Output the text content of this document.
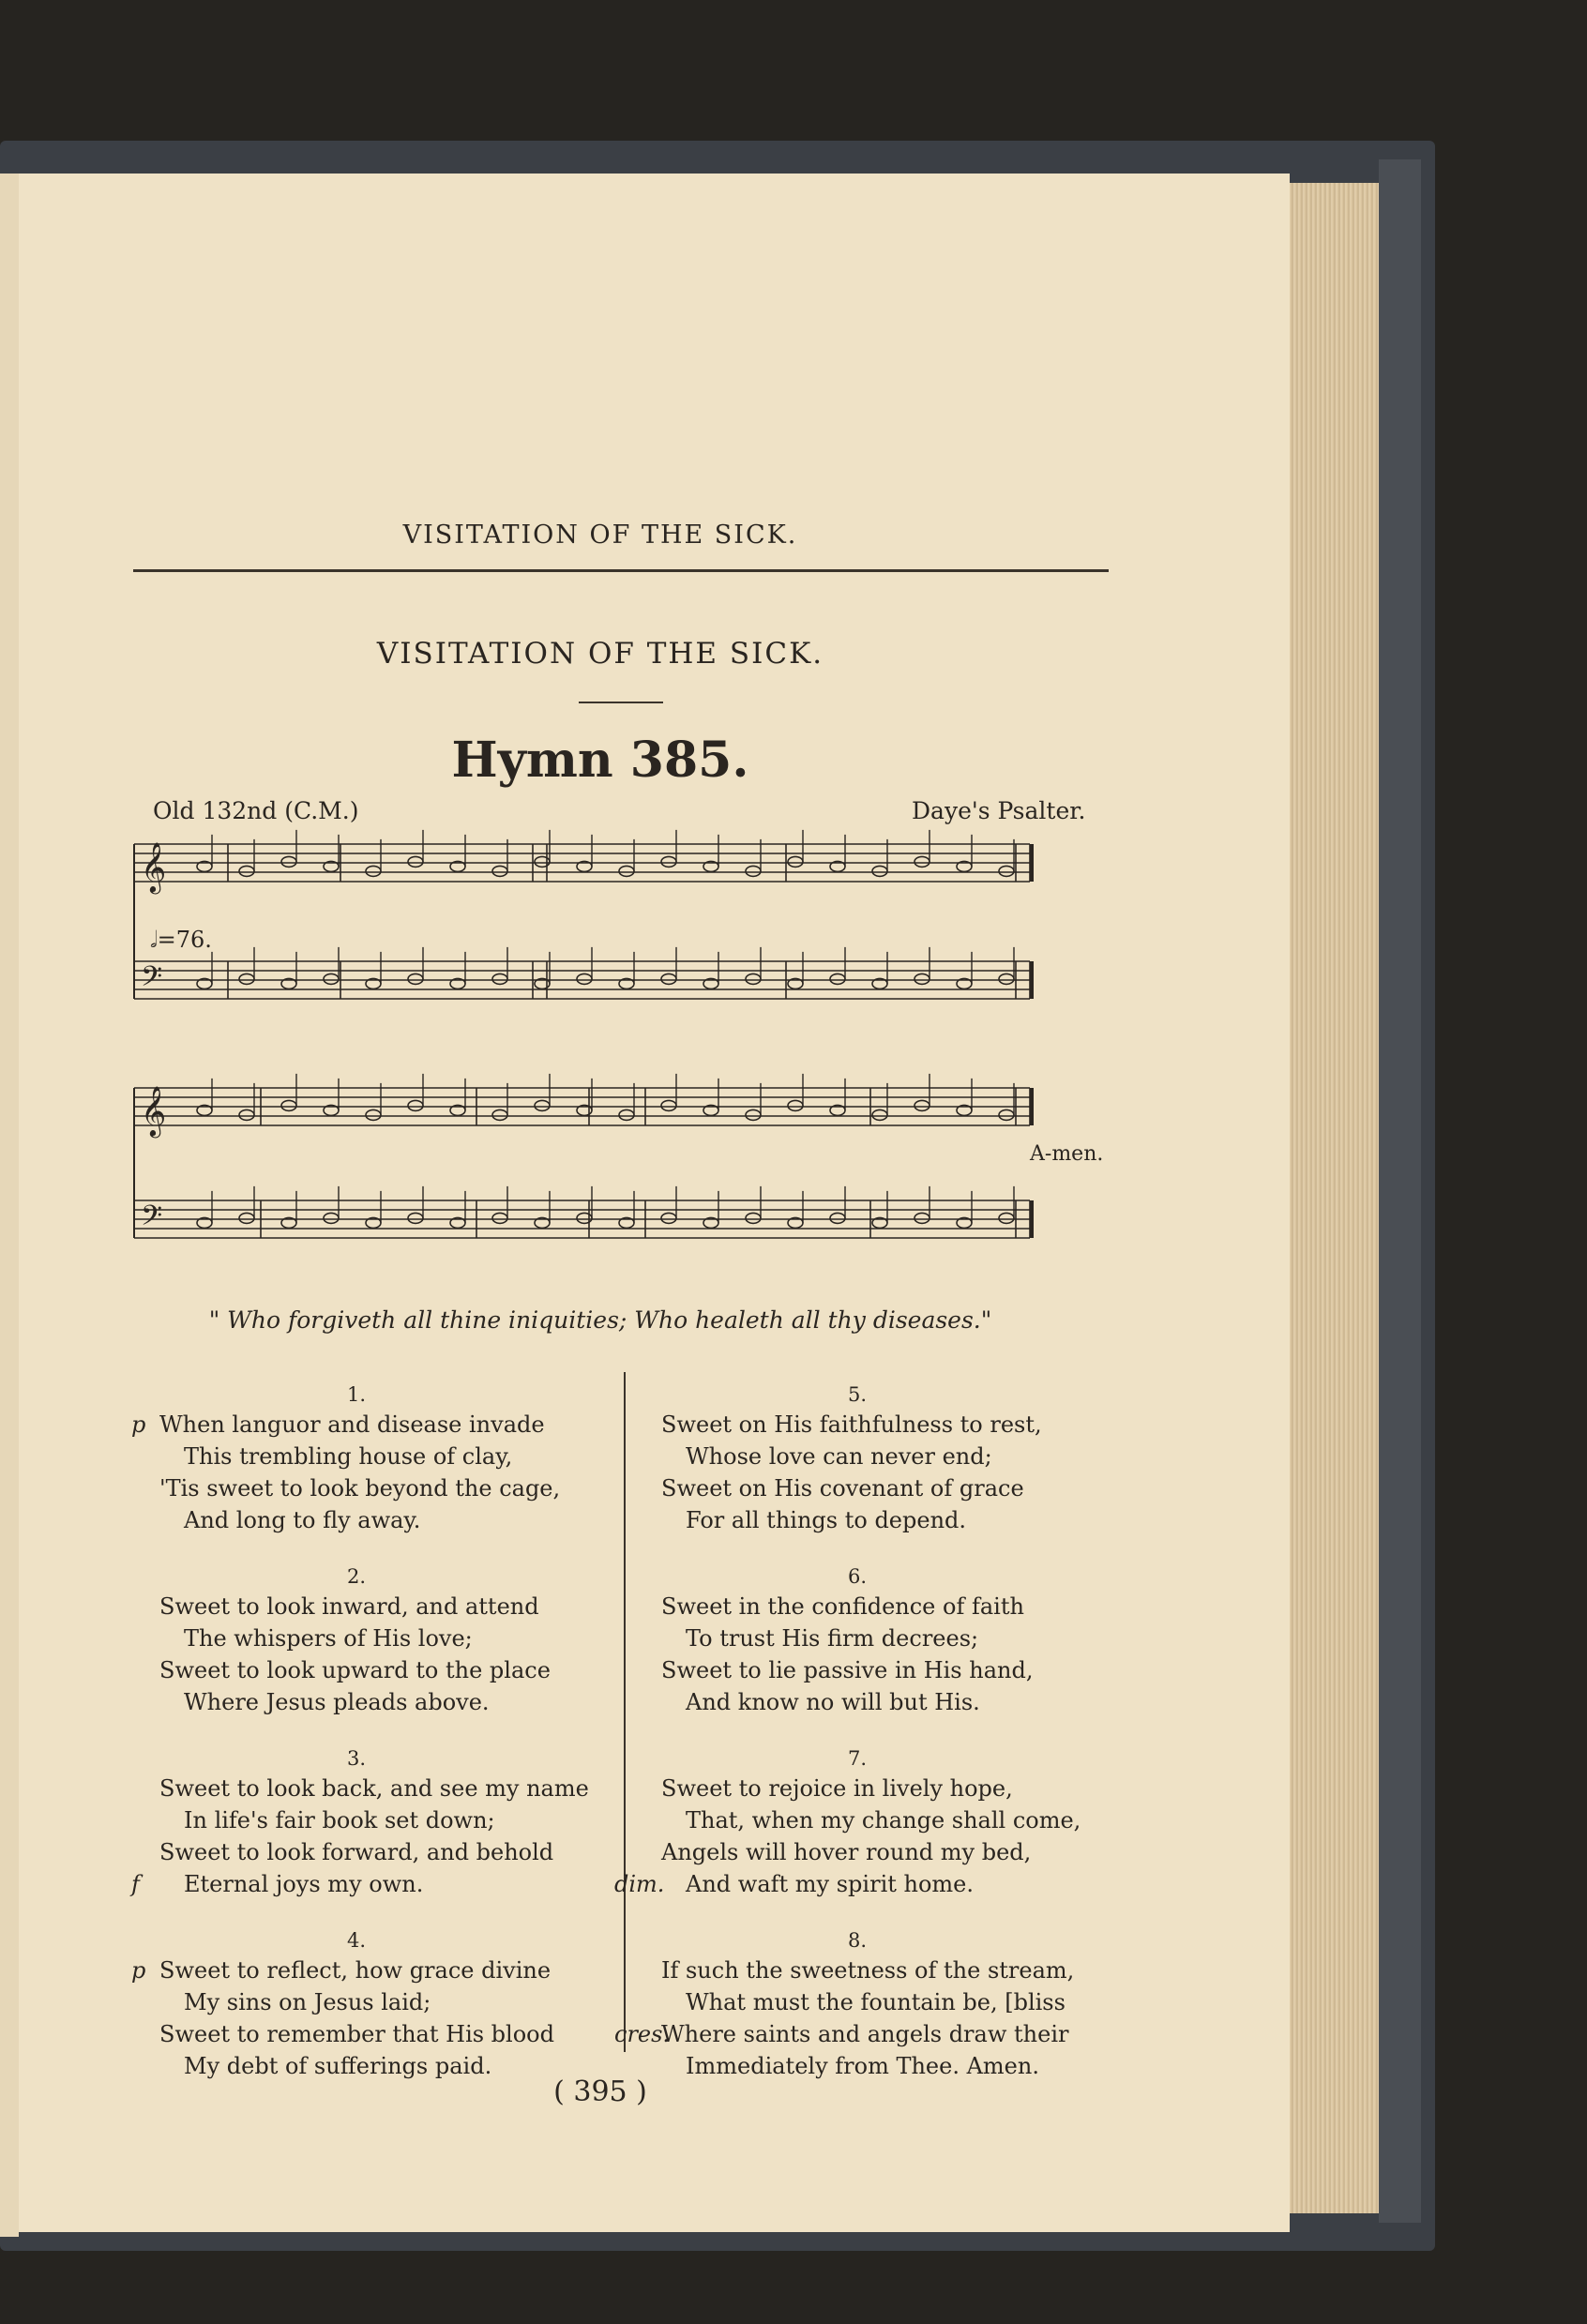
VISITATION OF THE SICK.
VISITATION OF THE SICK.
Hymn 385.
Old 132nd (C.M.)	Daye's Psalter.
𝄞
𝄢
𝄞
𝄢
𝅗𝅥=76.
A-men.
" Who forgiveth all thine iniquities; Who healeth all thy diseases."
1.
When languor and disease invade
This trembling house of clay,
'Tis sweet to look beyond the cage,
And long to fly away.
p
2.
Sweet to look inward, and attend
The whispers of His love;
Sweet to look upward to the place
Where Jesus pleads above.
3.
Sweet to look back, and see my name
In life's fair book set down;
Sweet to look forward, and behold
Eternal joys my own.
f
4.
Sweet to reflect, how grace divine
My sins on Jesus laid;
Sweet to remember that His blood
My debt of sufferings paid.
p
5.
Sweet on His faithfulness to rest,
Whose love can never end;
Sweet on His covenant of grace
For all things to depend.
6.
Sweet in the confidence of faith
To trust His firm decrees;
Sweet to lie passive in His hand,
And know no will but His.
7.
Sweet to rejoice in lively hope,
That, when my change shall come,
Angels will hover round my bed,
And waft my spirit home.
dim.
8.
If such the sweetness of the stream,
What must the fountain be, [bliss
Where saints and angels draw their
Immediately from Thee. Amen.
cres.
( 395 )
